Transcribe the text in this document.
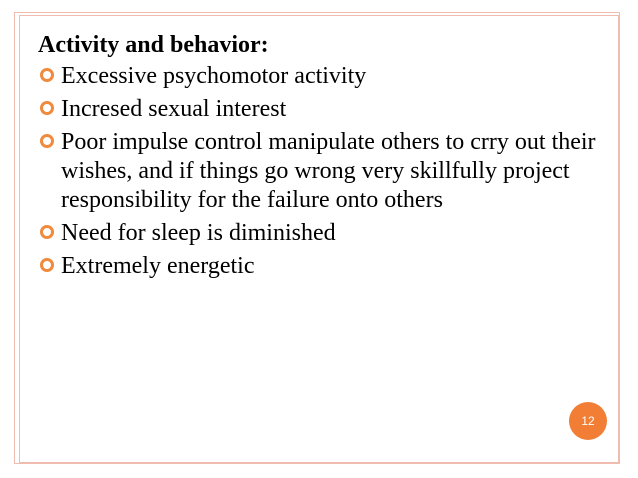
Activity and behavior:
Excessive psychomotor activity
Incresed sexual interest
Poor impulse control manipulate others to crry out their wishes, and if things go wrong very skillfully project responsibility for the failure onto others
Need for sleep is diminished
Extremely energetic
12
